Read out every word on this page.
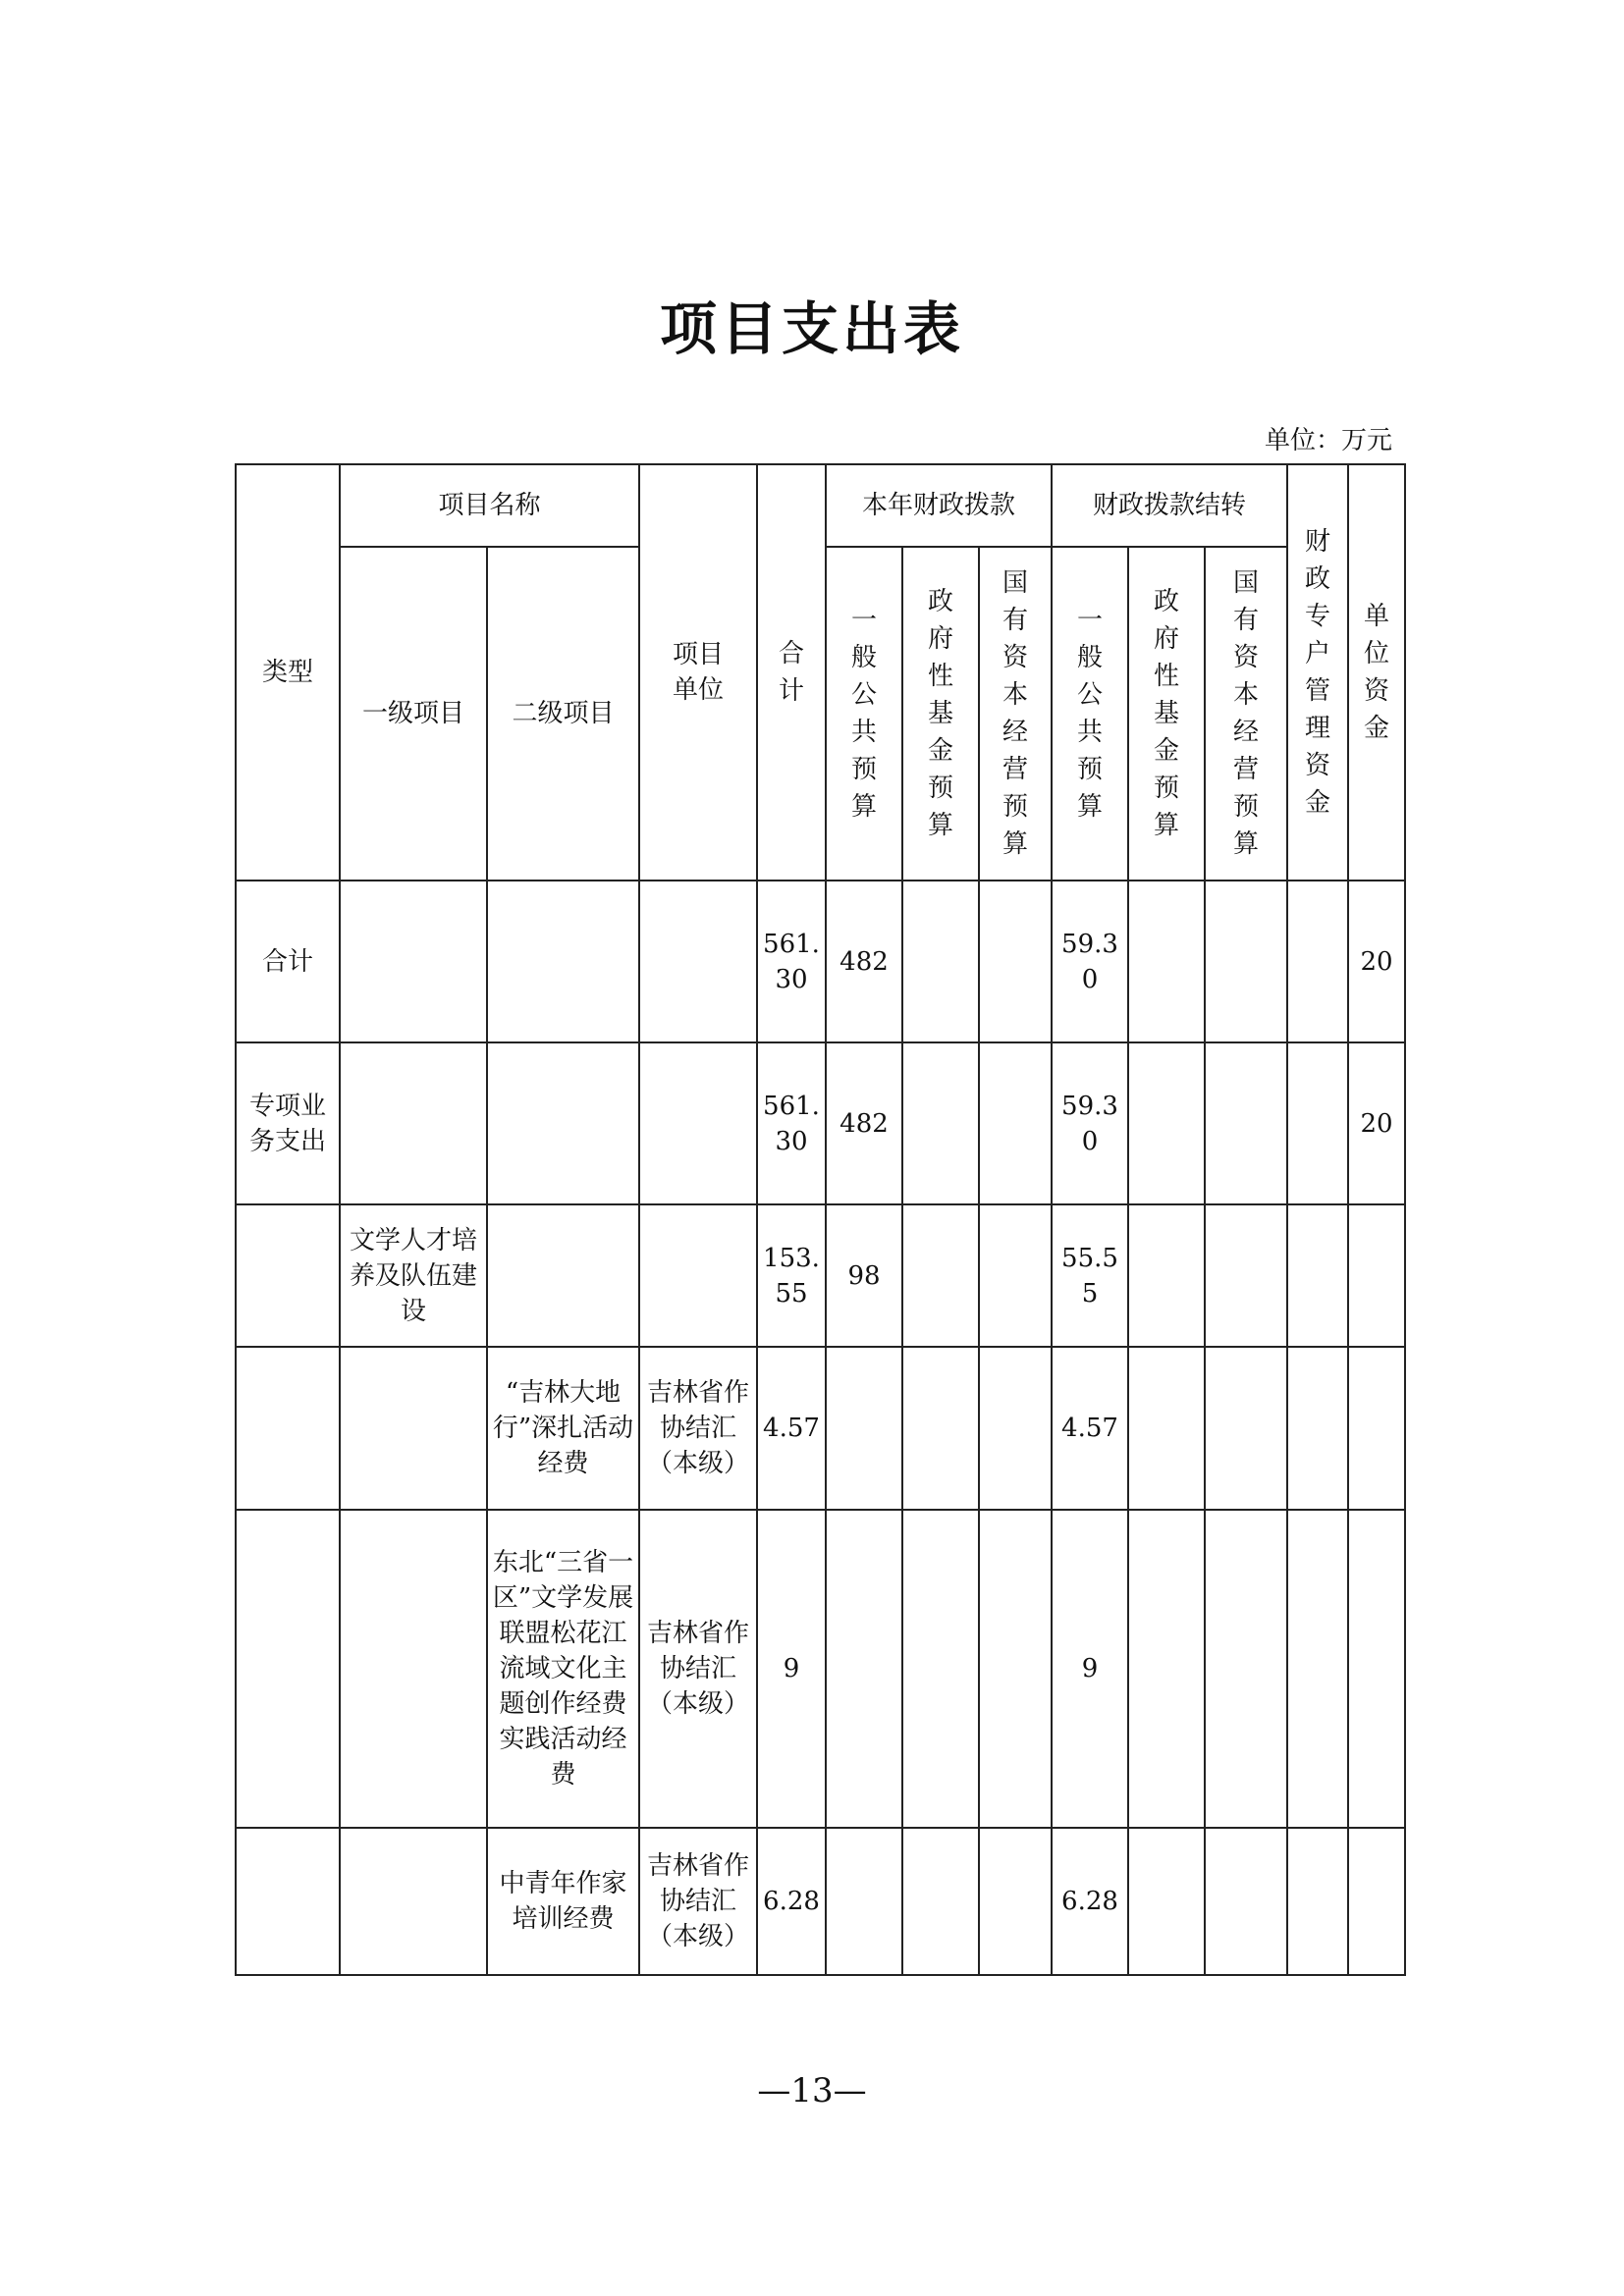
项目支出表
单位：万元
类型	项目名称		项目单位	合计	本年财政拨款			财政拨款结转			财政专户管理资金	单位资金

	一级项目	二级项目			一般公共预算	政府性基金预算	国有资本经营预算	一般公共预算	政府性基金预算	国有资本经营预算		

合计				561.30	482			59.30				20
专项业务支出				561.30	482			59.30				20
	文学人才培养及队伍建设			153.55	98			55.55				
		“吉林大地行”深扎活动经费	吉林省作协结汇（本级）	4.57				4.57				
		东北“三省一区”文学发展联盟松花江流域文化主题创作经费实践活动经费	吉林省作协结汇（本级）	9				9				
		中青年作家培训经费	吉林省作协结汇（本级）	6.28				6.28				
—13—
